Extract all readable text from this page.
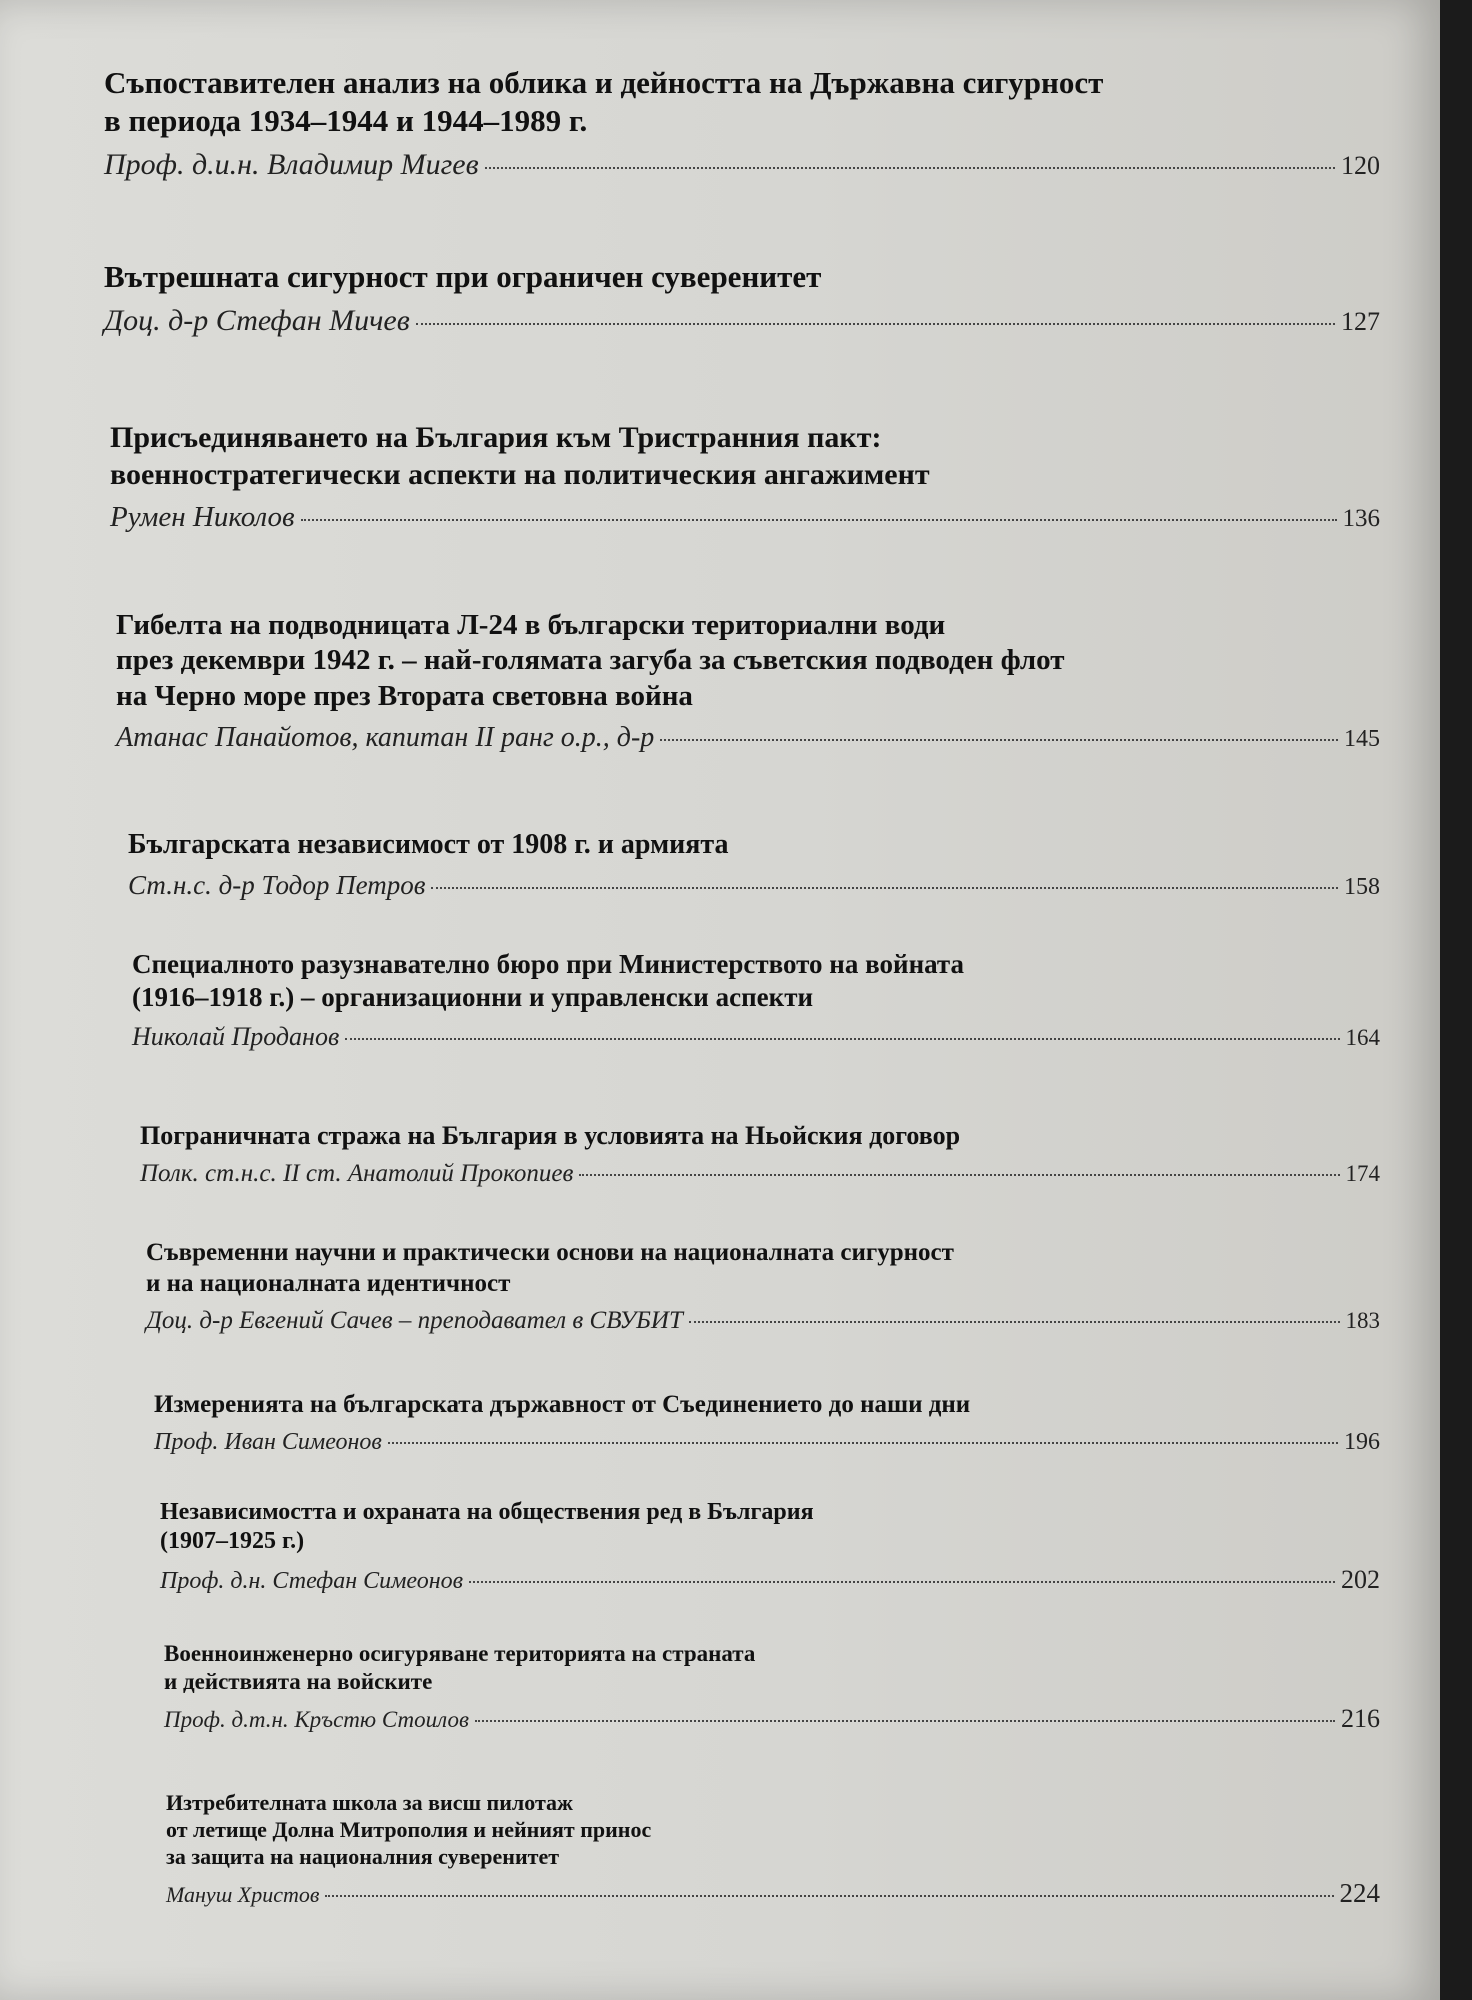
Съпоставителен анализ на облика и дейността на Държавна сигурност
в периода 1934–1944 и 1944–1989 г.
Проф. д.и.н. Владимир Мигев	120
Вътрешната сигурност при ограничен суверенитет
Доц. д-р Стефан Мичев	127
Присъединяването на България към Тристранния пакт:
военностратегически аспекти на политическия ангажимент
Румен Николов	136
Гибелта на подводницата Л-24 в български териториални води
през декември 1942 г. – най-голямата загуба за съветския подводен флот
на Черно море през Втората световна война
Атанас Панайотов, капитан II ранг о.р., д-р	145
Българската независимост от 1908 г. и армията
Ст.н.с. д-р Тодор Петров	158
Специалното разузнавателно бюро при Министерството на войната
(1916–1918 г.) – организационни и управленски аспекти
Николай Проданов	164
Пограничната стража на България в условията на Ньойския договор
Полк. ст.н.с. II ст. Анатолий Прокопиев	174
Съвременни научни и практически основи на националната сигурност
и на националната идентичност
Доц. д-р Евгений Сачев – преподавател в СВУБИТ	183
Измеренията на българската държавност от Съединението до наши дни
Проф. Иван Симеонов	196
Независимостта и охраната на обществения ред в България
(1907–1925 г.)
Проф. д.н. Стефан Симеонов	202
Военноинженерно осигуряване територията на страната
и действията на войските
Проф. д.т.н. Кръстю Стоилов	216
Изтребителната школа за висш пилотаж
от летище Долна Митрополия и нейният принос
за защита на националния суверенитет
Мануш Христов	224
